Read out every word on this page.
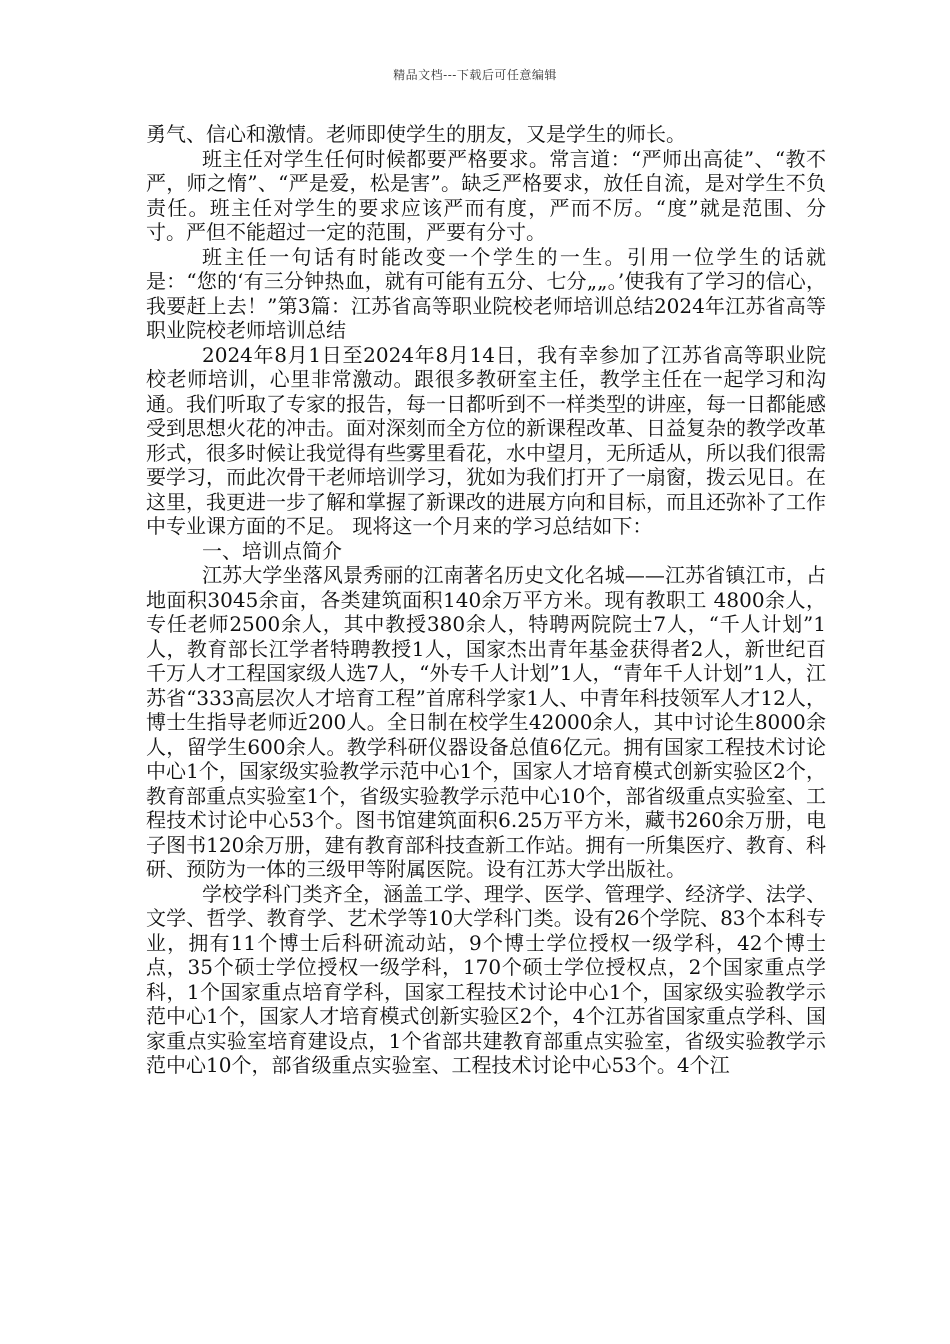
精品文档---下载后可任意编辑

勇气、信心和激情。老师即使学生的朋友，又是学生的师长。

班主任对学生任何时候都要严格要求。常言道：“严师出高徒”、“教不严，师之惰”、“严是爱，松是害”。缺乏严格要求，放任自流，是对学生不负责任。班主任对学生的要求应该严而有度，严而不厉。“度”就是范围、分寸。严但不能超过一定的范围，严要有分寸。

班主任一句话有时能改变一个学生的一生。引用一位学生的话就是：“您的‘有三分钟热血，就有可能有五分、七分„„。’使我有了学习的信心，我要赶上去！”第3篇：江苏省高等职业院校老师培训总结2024年江苏省高等职业院校老师培训总结

2024年8月1日至2024年8月14日，我有幸参加了江苏省高等职业院校老师培训，心里非常激动。跟很多教研室主任，教学主任在一起学习和沟通。我们听取了专家的报告，每一日都听到不一样类型的讲座，每一日都能感受到思想火花的冲击。面对深刻而全方位的新课程改革、日益复杂的教学改革形式，很多时候让我觉得有些雾里看花，水中望月，无所适从，所以我们很需要学习，而此次骨干老师培训学习，犹如为我们打开了一扇窗，拨云见日。在这里，我更进一步了解和掌握了新课改的进展方向和目标，而且还弥补了工作中专业课方面的不足。 现将这一个月来的学习总结如下：

一、培训点简介

江苏大学坐落风景秀丽的江南著名历史文化名城——江苏省镇江市，占地面积3045余亩，各类建筑面积140余万平方米。现有教职工 4800余人，专任老师2500余人，其中教授380余人，特聘两院院士7人，“千人计划”1人，教育部长江学者特聘教授1人，国家杰出青年基金获得者2人，新世纪百千万人才工程国家级人选7人，“外专千人计划”1人，“青年千人计划”1人，江苏省“333高层次人才培育工程”首席科学家1人、中青年科技领军人才12人，博士生指导老师近200人。全日制在校学生42000余人，其中讨论生8000余人，留学生600余人。教学科研仪器设备总值6亿元。拥有国家工程技术讨论中心1个，国家级实验教学示范中心1个，国家人才培育模式创新实验区2个，教育部重点实验室1个，省级实验教学示范中心10个，部省级重点实验室、工程技术讨论中心53个。图书馆建筑面积6.25万平方米，藏书260余万册，电子图书120余万册，建有教育部科技查新工作站。拥有一所集医疗、教育、科研、预防为一体的三级甲等附属医院。设有江苏大学出版社。

学校学科门类齐全，涵盖工学、理学、医学、管理学、经济学、法学、文学、哲学、教育学、艺术学等10大学科门类。设有26个学院、83个本科专业，拥有11个博士后科研流动站，9个博士学位授权一级学科，42个博士点，35个硕士学位授权一级学科，170个硕士学位授权点，2个国家重点学科，1个国家重点培育学科，国家工程技术讨论中心1个，国家级实验教学示范中心1个，国家人才培育模式创新实验区2个，4个江苏省国家重点学科、国家重点实验室培育建设点，1个省部共建教育部重点实验室，省级实验教学示范中心10个，部省级重点实验室、工程技术讨论中心53个。4个江
